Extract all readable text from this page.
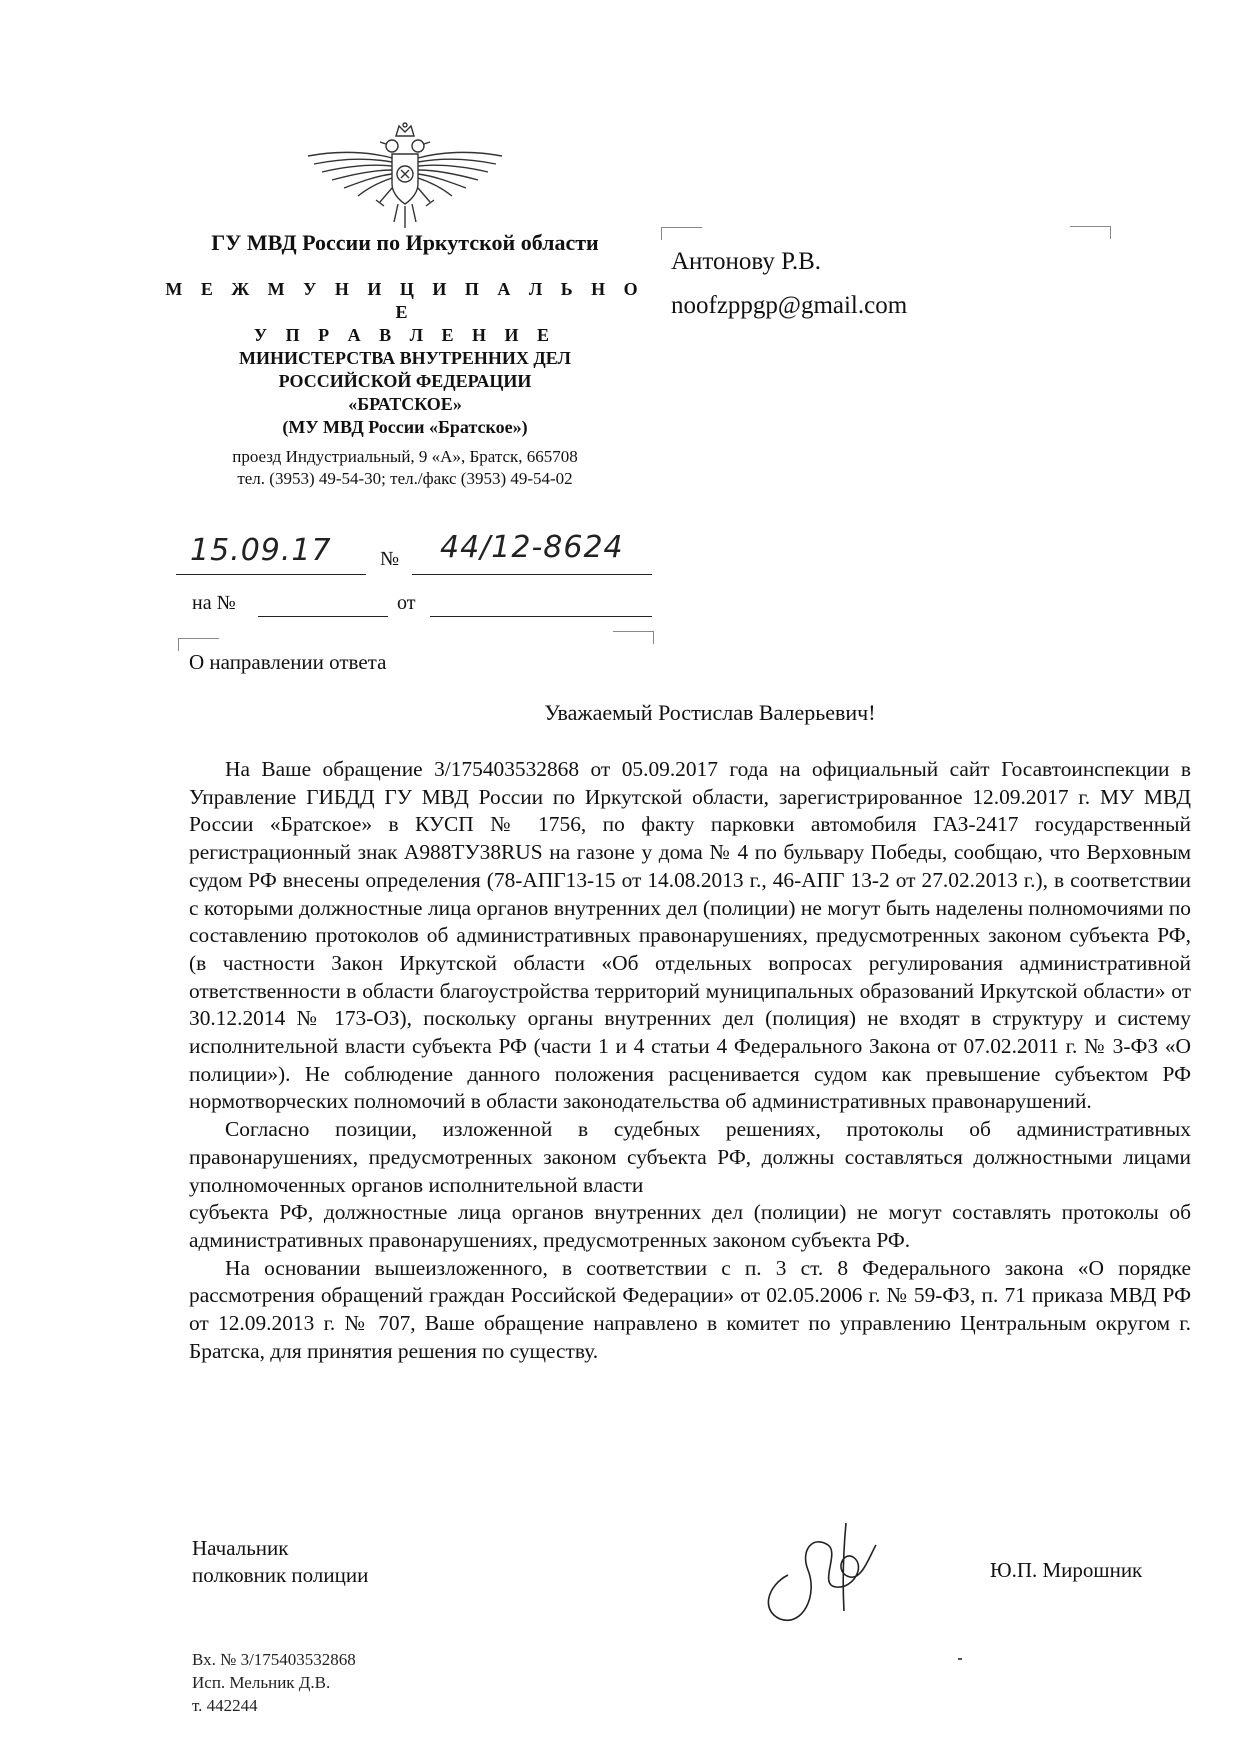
ГУ МВД России по Иркутской области
М Е Ж М У Н И Ц И П А Л Ь Н О Е
У П Р А В Л Е Н И Е
МИНИСТЕРСТВА ВНУТРЕННИХ ДЕЛ
РОССИЙСКОЙ ФЕДЕРАЦИИ
«БРАТСКОЕ»
(МУ МВД России «Братское»)
проезд Индустриальный, 9 «А», Братск, 665708
тел. (3953) 49-54-30; тел./факс (3953) 49-54-02
Антонову Р.В.
noofzppgp@gmail.com
15.09.17 № 44/12-8624
на №	от
О направлении ответа
Уважаемый Ростислав Валерьевич!

На Ваше обращение 3/175403532868 от 05.09.2017 года на официальный сайт Госавтоинспекции в Управление ГИБДД ГУ МВД России по Иркутской области, зарегистрированное 12.09.2017 г. МУ МВД России «Братское» в КУСП № 1756, по факту парковки автомобиля ГАЗ-2417 государственный регистрационный знак А988ТУ38RUS на газоне у дома № 4 по бульвару Победы, сообщаю, что Верховным судом РФ внесены определения (78-АПГ13-15 от 14.08.2013 г., 46-АПГ 13-2 от 27.02.2013 г.), в соответствии с которыми должностные лица органов внутренних дел (полиции) не могут быть наделены полномочиями по составлению протоколов об административных правонарушениях, предусмотренных законом субъекта РФ, (в частности Закон Иркутской области «Об отдельных вопросах регулирования административной ответственности в области благоустройства территорий муниципальных образований Иркутской области» от 30.12.2014 № 173-ОЗ), поскольку органы внутренних дел (полиция) не входят в структуру и систему исполнительной власти субъекта РФ (части 1 и 4 статьи 4 Федерального Закона от 07.02.2011 г. № 3-ФЗ «О полиции»). Не соблюдение данного положения расценивается судом как превышение субъектом РФ нормотворческих полномочий в области законодательства об административных правонарушений.

Согласно позиции, изложенной в судебных решениях, протоколы об административных правонарушениях, предусмотренных законом субъекта РФ, должны составляться должностными лицами уполномоченных органов исполнительной власти

субъекта РФ, должностные лица органов внутренних дел (полиции) не могут составлять протоколы об административных правонарушениях, предусмотренных законом субъекта РФ.

На основании вышеизложенного, в соответствии с п. 3 ст. 8 Федерального закона «О порядке рассмотрения обращений граждан Российской Федерации» от 02.05.2006 г. № 59-ФЗ, п. 71 приказа МВД РФ от 12.09.2013 г. № 707, Ваше обращение направлено в комитет по управлению Центральным округом г. Братска, для принятия решения по существу.

Начальник
полковник полиции	Ю.П. Мирошник
Вх. № 3/175403532868
Исп. Мельник Д.В.
т. 442244
